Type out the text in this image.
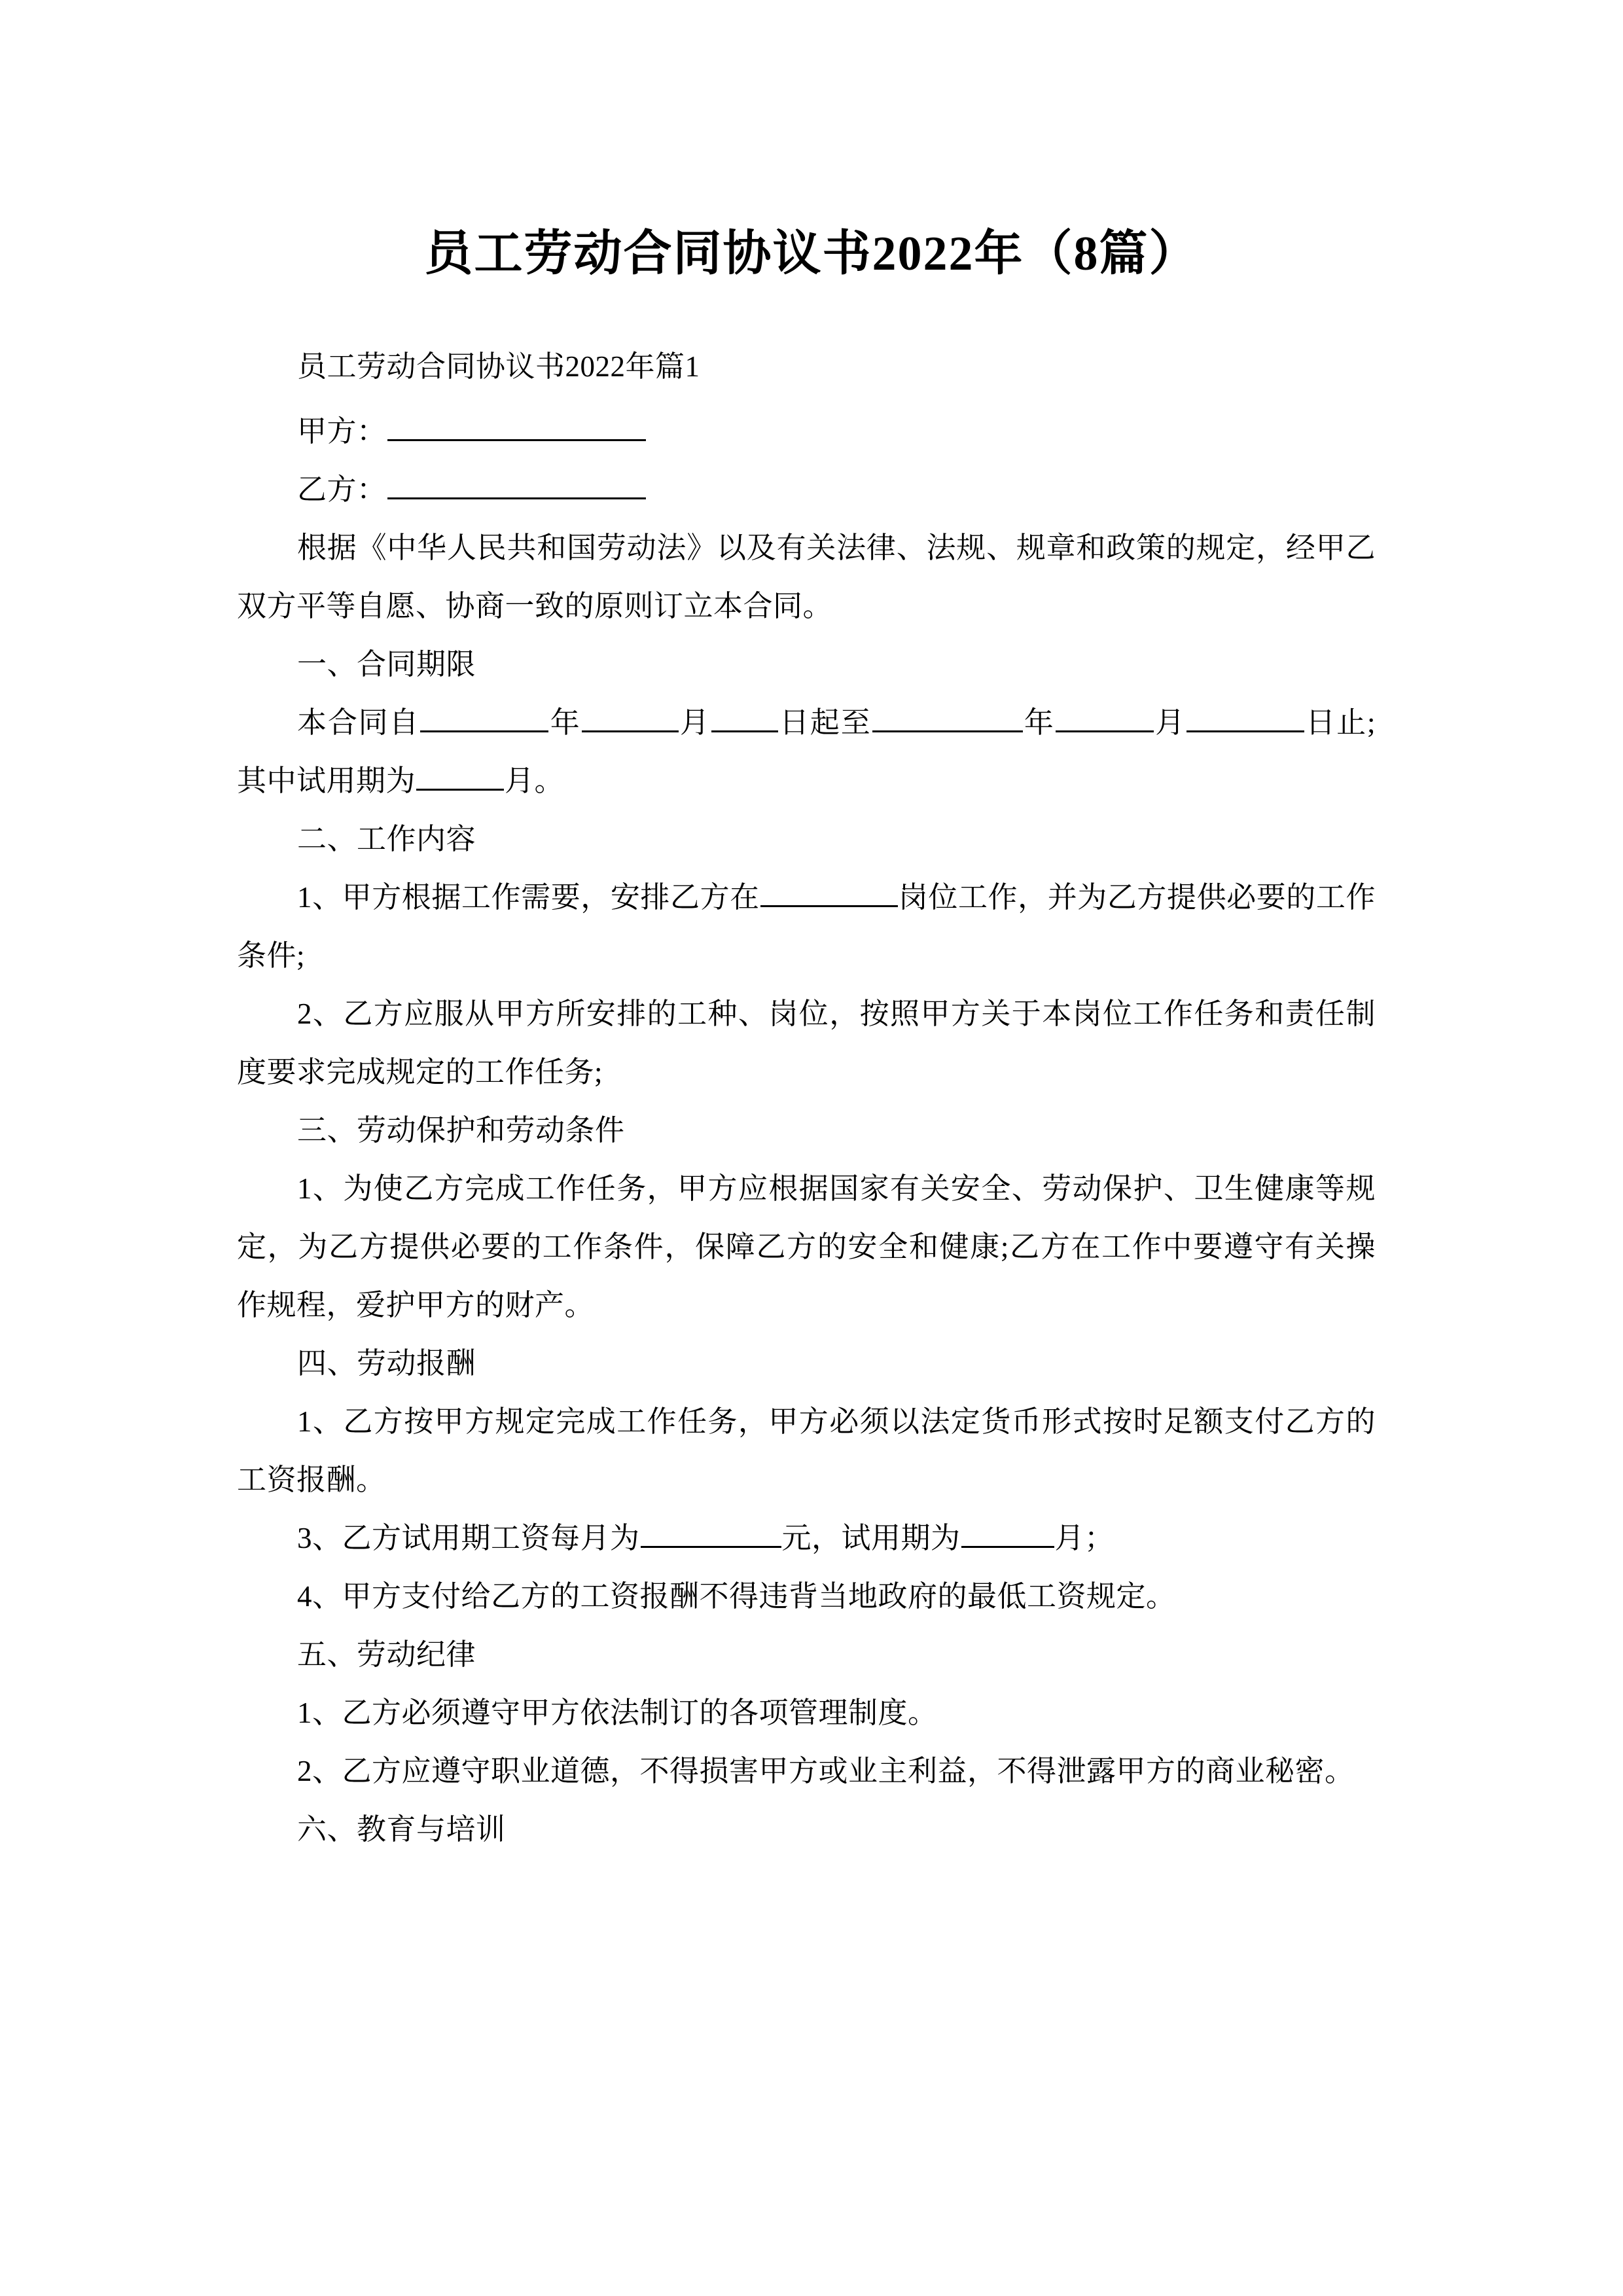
员工劳动合同协议书2022年（8篇）

员工劳动合同协议书2022年篇1

甲方：

乙方：

根据《中华人民共和国劳动法》以及有关法律、法规、规章和政策的规定，经甲乙双方平等自愿、协商一致的原则订立本合同。

一、合同期限

本合同自	年	月 日起至	年	月	日止;其中试用期为	月。

二、工作内容

1、甲方根据工作需要，安排乙方在	岗位工作，并为乙方提供必要的工作条件;

2、乙方应服从甲方所安排的工种、岗位，按照甲方关于本岗位工作任务和责任制度要求完成规定的工作任务;

三、劳动保护和劳动条件

1、为使乙方完成工作任务，甲方应根据国家有关安全、劳动保护、卫生健康等规定，为乙方提供必要的工作条件，保障乙方的安全和健康;乙方在工作中要遵守有关操作规程，爱护甲方的财产。

四、劳动报酬

1、乙方按甲方规定完成工作任务，甲方必须以法定货币形式按时足额支付乙方的工资报酬。

3、乙方试用期工资每月为	元，试用期为	月；

4、甲方支付给乙方的工资报酬不得违背当地政府的最低工资规定。

五、劳动纪律

1、乙方必须遵守甲方依法制订的各项管理制度。

2、乙方应遵守职业道德，不得损害甲方或业主利益，不得泄露甲方的商业秘密。

六、教育与培训
